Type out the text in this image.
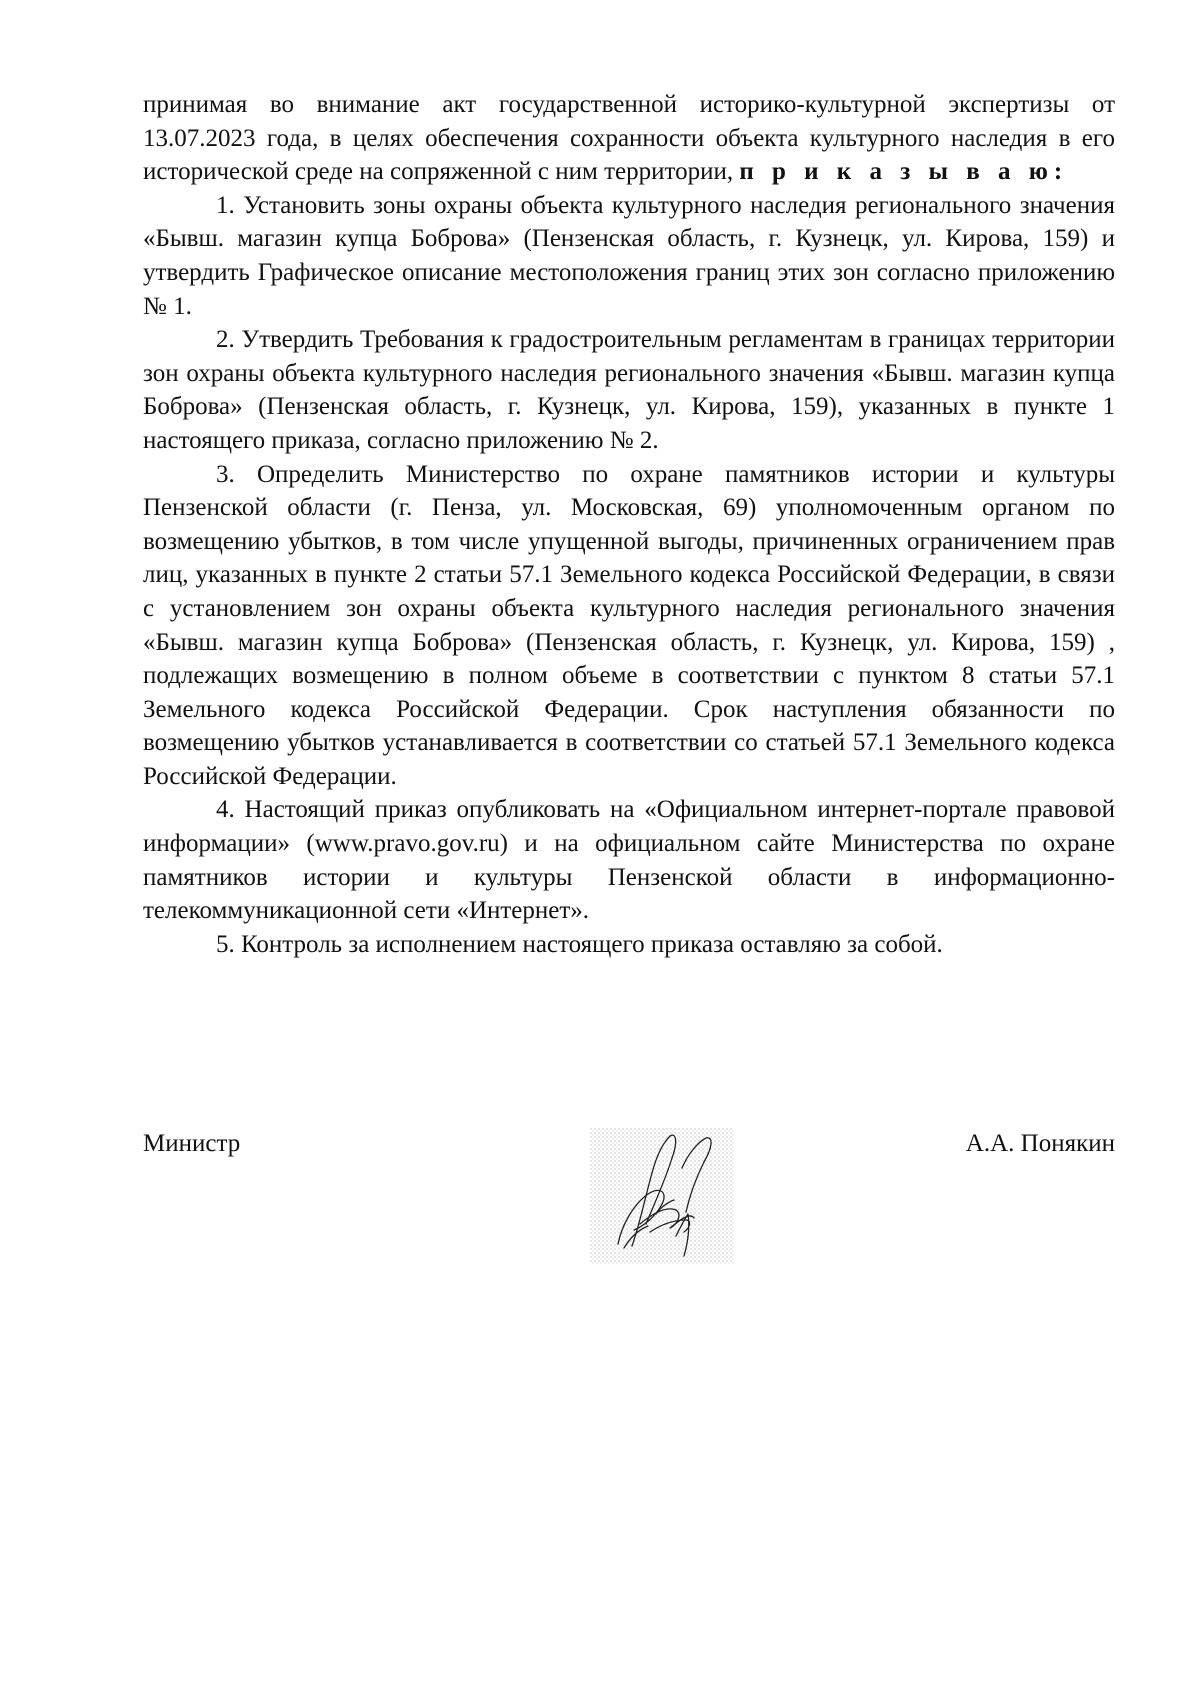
принимая во внимание акт государственной историко-культурной экспертизы от 13.07.2023 года, в целях обеспечения сохранности объекта культурного наследия в его исторической среде на сопряженной с ним территории, п р и к а з ы в а ю:

1. Установить зоны охраны объекта культурного наследия регионального значения «Бывш. магазин купца Боброва» (Пензенская область, г. Кузнецк, ул. Кирова, 159) и утвердить Графическое описание местоположения границ этих зон согласно приложению № 1.

2. Утвердить Требования к градостроительным регламентам в границах территории зон охраны объекта культурного наследия регионального значения «Бывш. магазин купца Боброва» (Пензенская область, г. Кузнецк, ул. Кирова, 159), указанных в пункте 1 настоящего приказа, согласно приложению № 2.

3. Определить Министерство по охране памятников истории и культуры Пензенской области (г. Пенза, ул. Московская, 69) уполномоченным органом по возмещению убытков, в том числе упущенной выгоды, причиненных ограничением прав лиц, указанных в пункте 2 статьи 57.1 Земельного кодекса Российской Федерации, в связи с установлением зон охраны объекта культурного наследия регионального значения «Бывш. магазин купца Боброва» (Пензенская область, г. Кузнецк, ул. Кирова, 159) , подлежащих возмещению в полном объеме в соответствии с пунктом 8 статьи 57.1 Земельного кодекса Российской Федерации. Срок наступления обязанности по возмещению убытков устанавливается в соответствии со статьей 57.1 Земельного кодекса Российской Федерации.

4. Настоящий приказ опубликовать на «Официальном интернет-портале правовой информации» (www.pravo.gov.ru) и на официальном сайте Министерства по охране памятников истории и культуры Пензенской области в информационно-телекоммуникационной сети «Интернет».

5. Контроль за исполнением настоящего приказа оставляю за собой.

Министр	А.А. Понякин
